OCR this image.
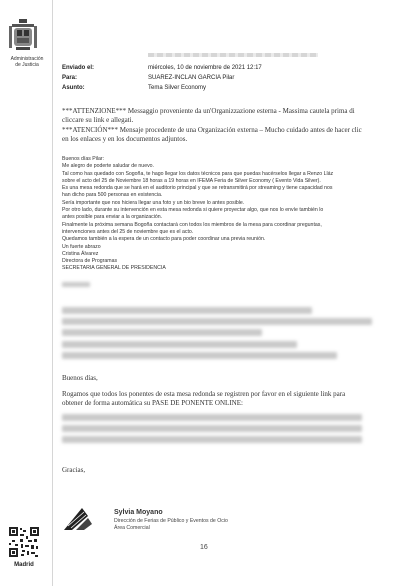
Administración
de Justicia
Madrid
Enviado el:	miércoles, 10 de noviembre de 2021 12:17
Para:	SUAREZ-INCLAN GARCIA Pilar
Asunto:	Tema Silver Economy
***ATTENZIONE*** Messaggio proveniente da un'Organizzazione esterna - Massima cautela prima di
cliccare su link e allegati.
***ATENCIÓN*** Mensaje procedente de una Organización externa – Mucho cuidado antes de hacer clic
en los enlaces y en los documentos adjuntos.
Buenos días Pilar:
Me alegro de poderte saludar de nuevo.
Tal como has quedado con Sogoña, te hago llegar los datos técnicos para que puedas hacérselos llegar a Renzo Lláz
sobre el acto del 25 de Noviembre 18 horas a 19 horas en IFEMA Feria de Silver Economy ( Evento Vida Silver).
Es una mesa redonda que se hará en el auditorio principal y que se retransmitirá por streaming y tiene capacidad nos
han dicho para 500 personas en existencia.
Sería importante que nos hiciera llegar una foto y un bio breve lo antes posible.
Por otro lado, durante su intervención en esta mesa redonda si quiere proyectar algo, que nos lo envíe también lo
antes posible para enviar a la organización.
Finalmente la próxima semana Bogoña contactará con todos los miembros de la mesa para coordinar preguntas,
intervenciones antes del 25 de noviembre que es el acto.
Quedamos también a la espera de un contacto para poder coordinar una previa reunión.
Un fuerte abrazo
Cristina Álvarez
Directora de Programas
SECRETARIA GENERAL DE PRESIDENCIA
Buenos días,
Rogamos que todos los ponentes de esta mesa redonda se registren por favor en el siguiente link para
obtener de forma automática su PASE DE PONENTE ONLINE:
Gracias,
Sylvia Moyano
Dirección de Ferias de Público y Eventos de Ocio
Área Comercial
16
